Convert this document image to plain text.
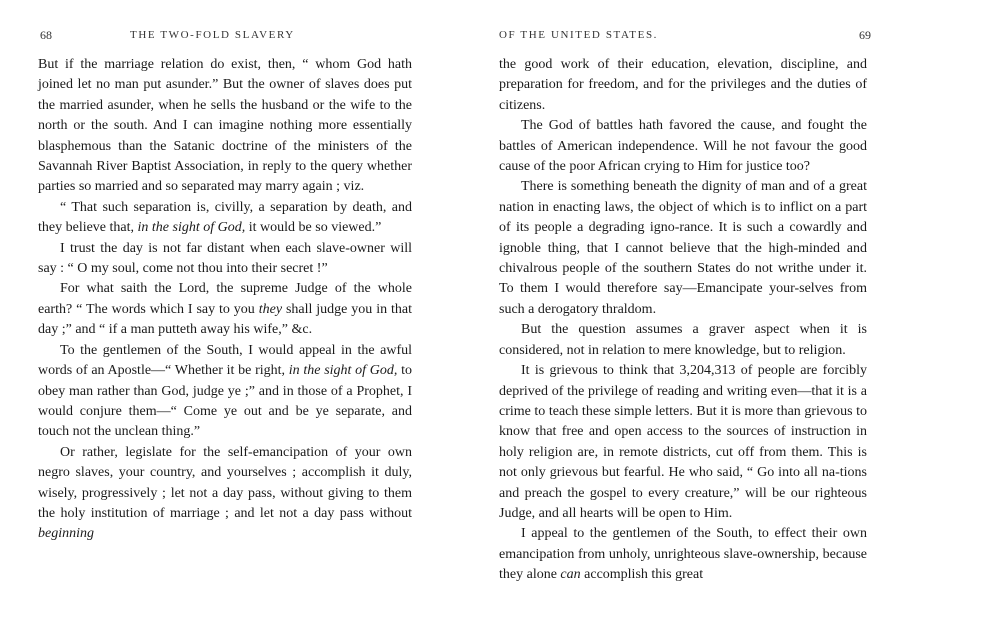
68	THE TWO-FOLD SLAVERY

But if the marriage relation do exist, then, “ whom God hath joined let no man put asunder.” But the owner of slaves does put the married asunder, when he sells the husband or the wife to the north or the south. And I can imagine nothing more essentially blasphemous than the Satanic doctrine of the ministers of the Savannah River Baptist Association, in reply to the query whether parties so married and so separated may marry again ; viz.

“ That such separation is, civilly, a separation by death, and they believe that, in the sight of God, it would be so viewed.”

I trust the day is not far distant when each slave-owner will say : “ O my soul, come not thou into their secret !”

For what saith the Lord, the supreme Judge of the whole earth? “ The words which I say to you they shall judge you in that day ;” and “ if a man putteth away his wife,” &c.

To the gentlemen of the South, I would appeal in the awful words of an Apostle—“ Whether it be right, in the sight of God, to obey man rather than God, judge ye ;” and in those of a Prophet, I would conjure them—“ Come ye out and be ye separate, and touch not the unclean thing.”

Or rather, legislate for the self-emancipation of your own negro slaves, your country, and yourselves ; accomplish it duly, wisely, progressively ; let not a day pass, without giving to them the holy institution of marriage ; and let not a day pass without beginning

OF THE UNITED STATES.	69

the good work of their education, elevation, discipline, and preparation for freedom, and for the privileges and the duties of citizens.

The God of battles hath favored the cause, and fought the battles of American independence. Will he not favour the good cause of the poor African crying to Him for justice too?

There is something beneath the dignity of man and of a great nation in enacting laws, the object of which is to inflict on a part of its people a degrading igno-rance. It is such a cowardly and ignoble thing, that I cannot believe that the high-minded and chivalrous people of the southern States do not writhe under it. To them I would therefore say—Emancipate your-selves from such a derogatory thraldom.

But the question assumes a graver aspect when it is considered, not in relation to mere knowledge, but to religion.

It is grievous to think that 3,204,313 of people are forcibly deprived of the privilege of reading and writing even—that it is a crime to teach these simple letters. But it is more than grievous to know that free and open access to the sources of instruction in holy religion are, in remote districts, cut off from them. This is not only grievous but fearful. He who said, “ Go into all na-tions and preach the gospel to every creature,” will be our righteous Judge, and all hearts will be open to Him.

I appeal to the gentlemen of the South, to effect their own emancipation from unholy, unrighteous slave-ownership, because they alone can accomplish this great
